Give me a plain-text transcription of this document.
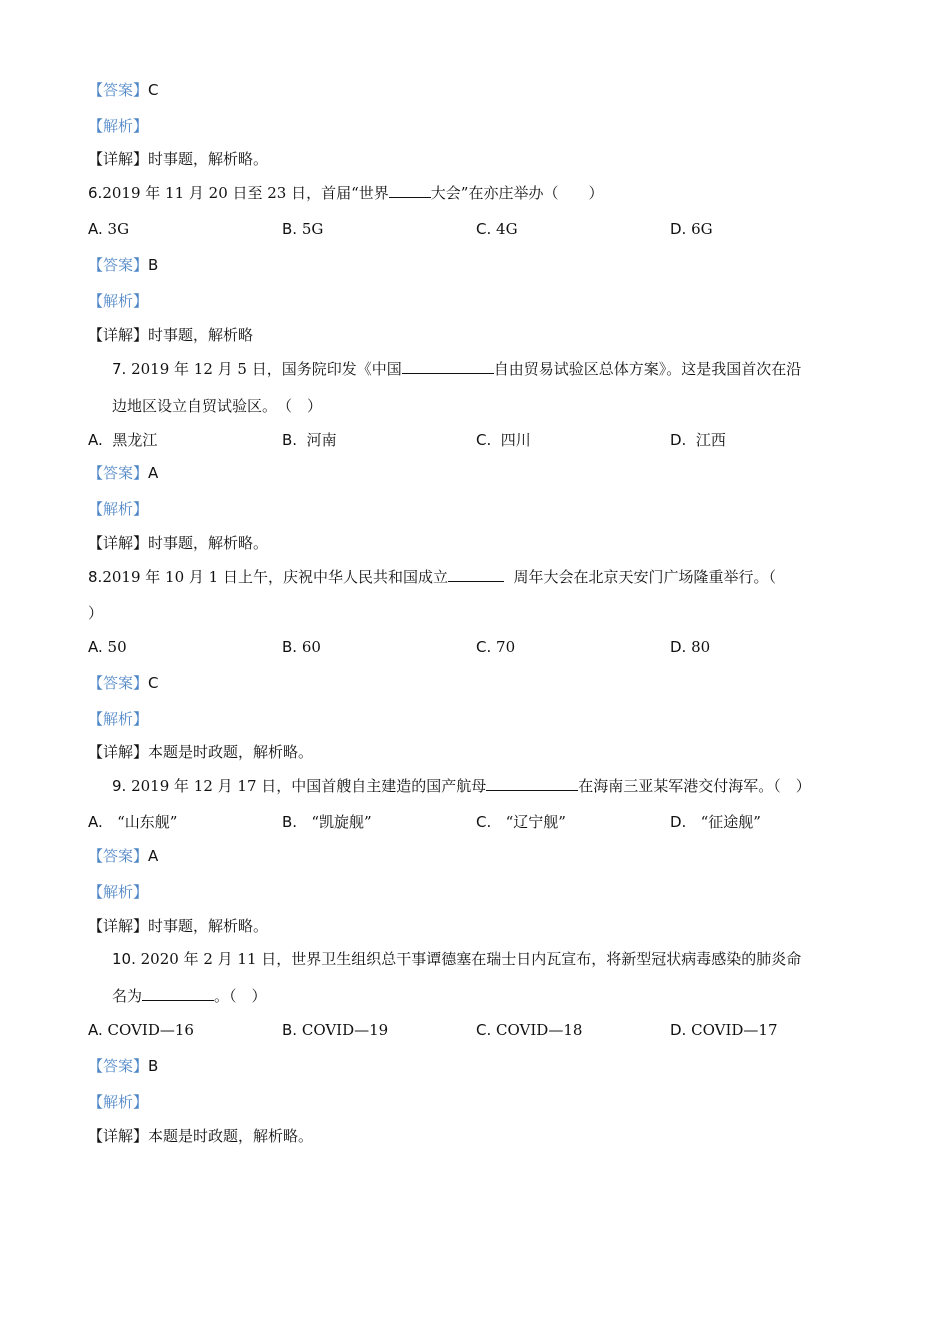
【答案】C
【解析】
【详解】时事题，解析略。
6.2019 年 11 月 20 日至 23 日，首届“世界	大会”在亦庄举办（　　）
A. 3G	B. 5G	C. 4G	D. 6G
【答案】B
【解析】
【详解】时事题，解析略
7. 2019 年 12 月 5 日，国务院印发《中国	自由贸易试验区总体方案》。这是我国首次在沿
边地区设立自贸试验区。　（　）
A. 黑龙江	B. 河南	C. 四川	D. 江西
【答案】A
【解析】
【详解】时事题，解析略。
8.2019 年 10 月 1 日上午，庆祝中华人民共和国成立	周年大会在北京天安门广场隆重举行。（
）
A. 50	B. 60	C. 70	D. 80
【答案】C
【解析】
【详解】本题是时政题，解析略。
9. 2019 年 12 月 17 日，中国首艘自主建造的国产航母	在海南三亚某军港交付海军。（　）
A. “山东舰”	B. “凯旋舰”	C. “辽宁舰”	D. “征途舰”
【答案】A
【解析】
【详解】时事题，解析略。
10. 2020 年 2 月 11 日，世界卫生组织总干事谭德塞在瑞士日内瓦宣布，将新型冠状病毒感染的肺炎命
名为	。（　）
A. COVID—16	B. COVID—19	C. COVID—18	D. COVID—17
【答案】B
【解析】
【详解】本题是时政题，解析略。
